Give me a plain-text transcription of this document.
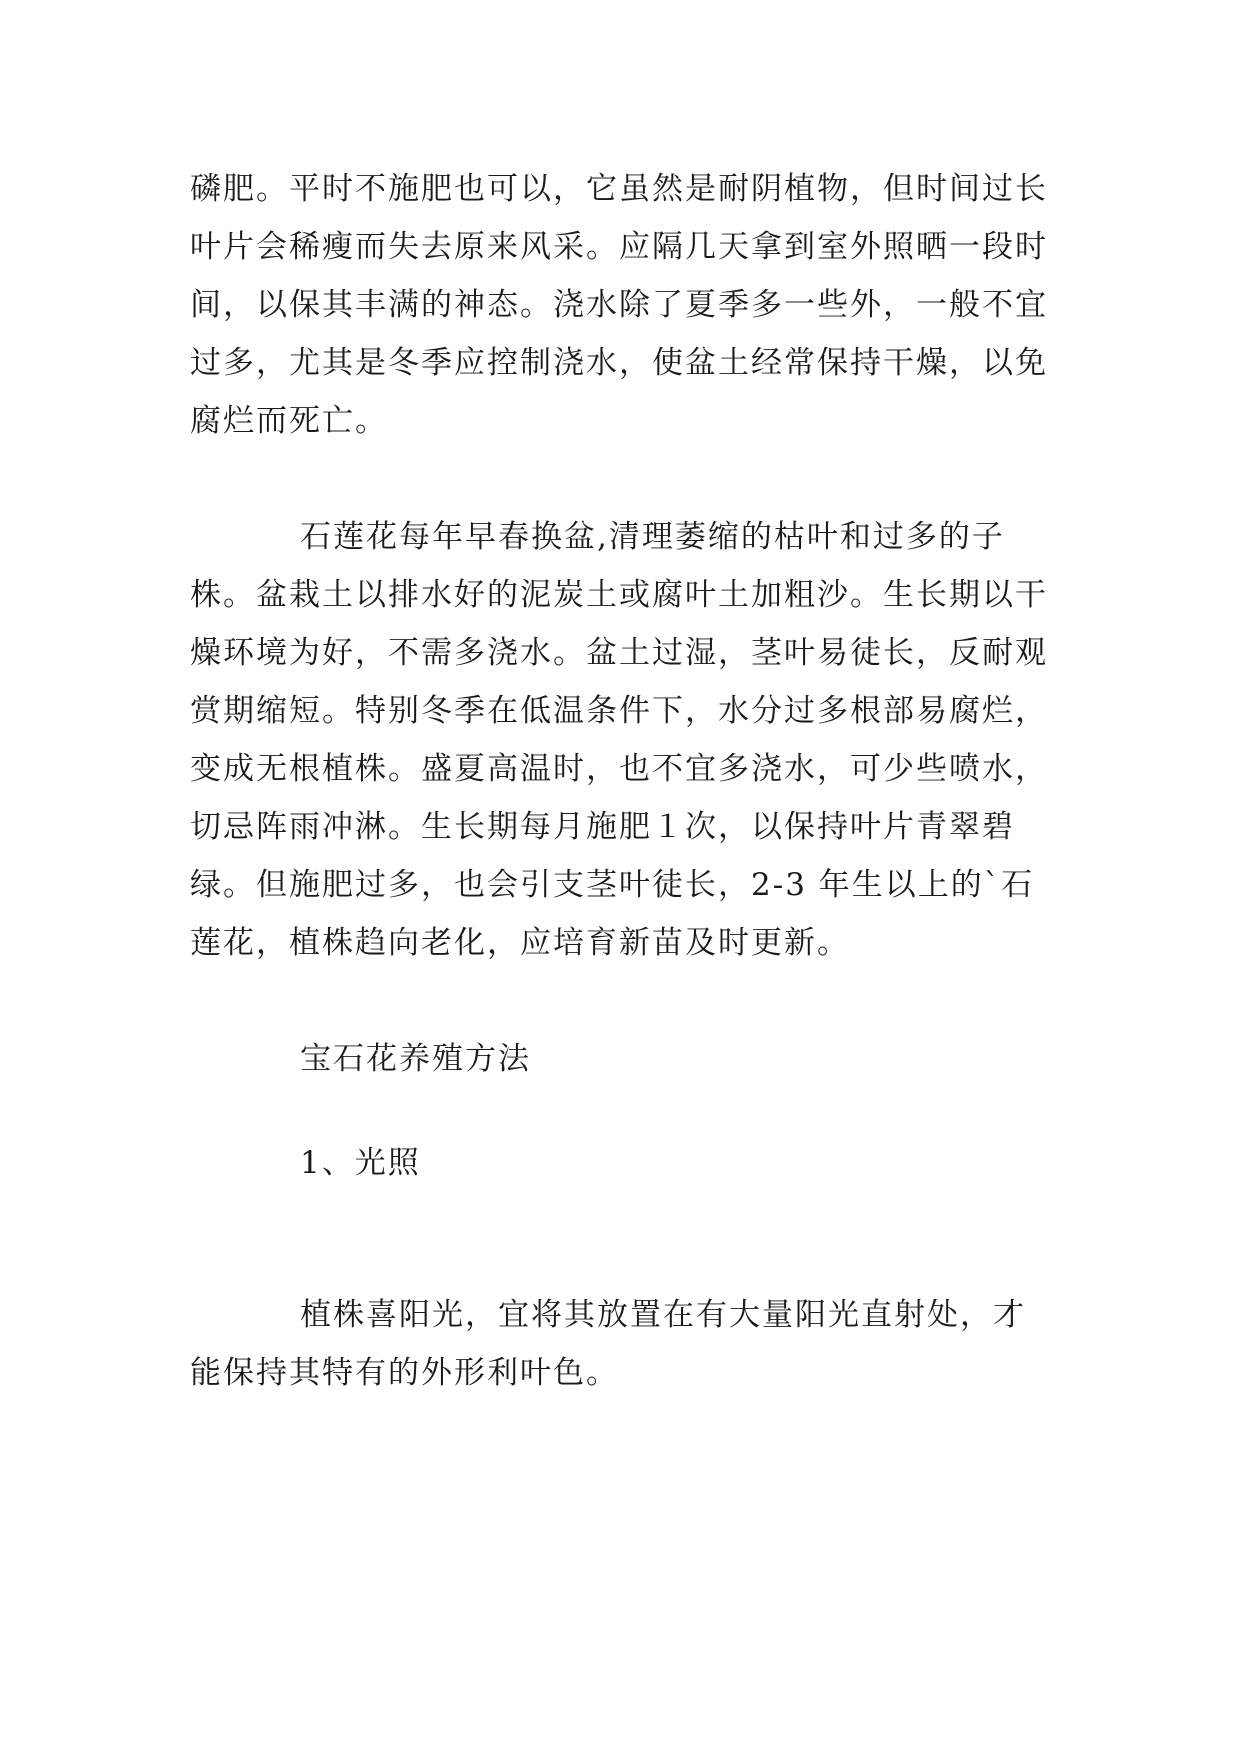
磷肥。平时不施肥也可以，它虽然是耐阴植物，但时间过长叶片会稀瘦而失去原来风采。应隔几天拿到室外照晒一段时间，以保其丰满的神态。浇水除了夏季多一些外，一般不宜过多，尤其是冬季应控制浇水，使盆土经常保持干燥，以免腐烂而死亡。

石莲花每年早春换盆,清理萎缩的枯叶和过多的子株。盆栽土以排水好的泥炭土或腐叶土加粗沙。生长期以干燥环境为好，不需多浇水。盆土过湿，茎叶易徒长，反耐观赏期缩短。特别冬季在低温条件下，水分过多根部易腐烂，变成无根植株。盛夏高温时，也不宜多浇水，可少些喷水，切忌阵雨冲淋。生长期每月施肥１次，以保持叶片青翠碧绿。但施肥过多，也会引支茎叶徒长，2-3 年生以上的`石莲花，植株趋向老化，应培育新苗及时更新。

宝石花养殖方法

1、光照

植株喜阳光，宜将其放置在有大量阳光直射处，才能保持其特有的外形利叶色。
